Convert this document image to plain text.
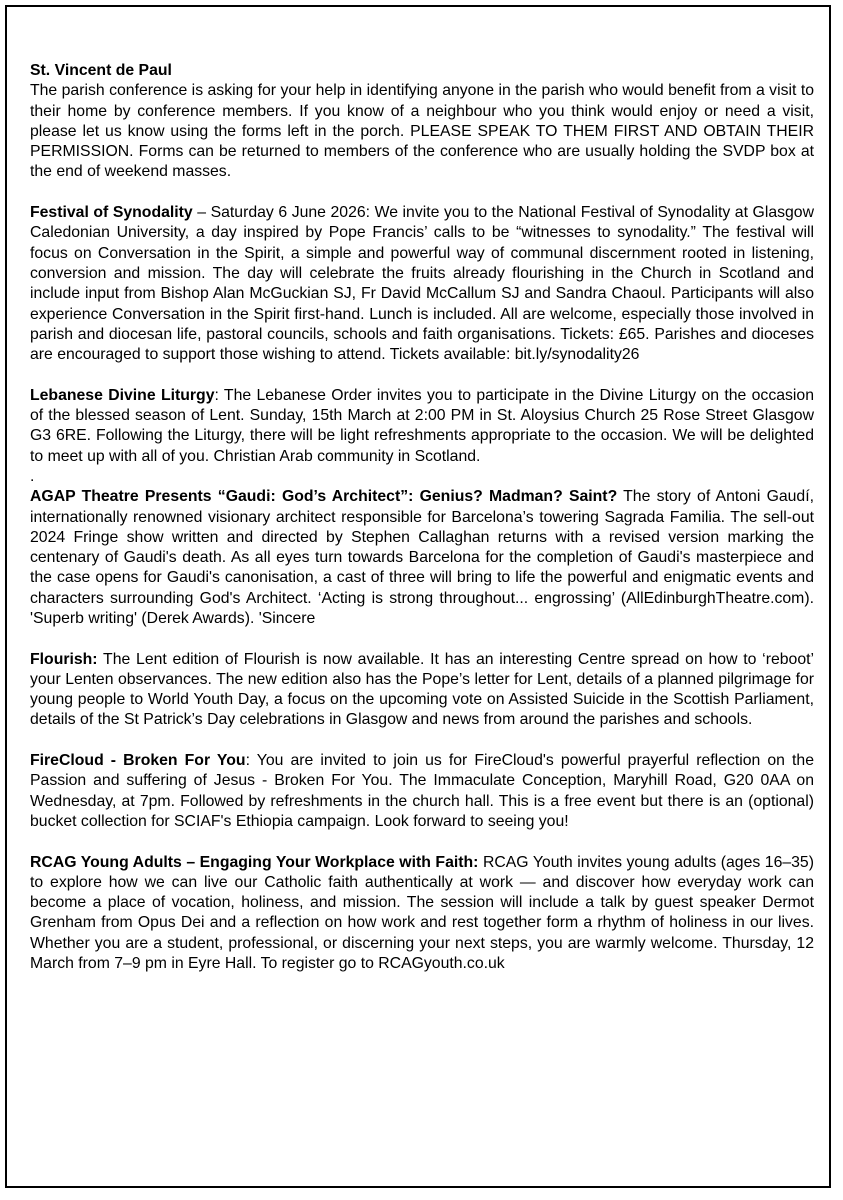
St. Vincent de Paul
The parish conference is asking for your help in identifying anyone in the parish who would benefit from a visit to their home by conference members. If you know of a neighbour who you think would enjoy or need a visit, please let us know using the forms left in the porch. PLEASE SPEAK TO THEM FIRST AND OBTAIN THEIR PERMISSION. Forms can be returned to members of the conference who are usually holding the SVDP box at the end of weekend masses.
Festival of Synodality – Saturday 6 June 2026: We invite you to the National Festival of Synodality at Glasgow Caledonian University, a day inspired by Pope Francis’ calls to be “witnesses to synodality.” The festival will focus on Conversation in the Spirit, a simple and powerful way of communal discernment rooted in listening, conversion and mission. The day will celebrate the fruits already flourishing in the Church in Scotland and include input from Bishop Alan McGuckian SJ, Fr David McCallum SJ and Sandra Chaoul. Participants will also experience Conversation in the Spirit first-hand. Lunch is included. All are welcome, especially those involved in parish and diocesan life, pastoral councils, schools and faith organisations. Tickets: £65. Parishes and dioceses are encouraged to support those wishing to attend. Tickets available: bit.ly/synodality26
Lebanese Divine Liturgy: The Lebanese Order invites you to participate in the Divine Liturgy on the occasion of the blessed season of Lent. Sunday, 15th March at 2:00 PM in St. Aloysius Church 25 Rose Street Glasgow G3 6RE. Following the Liturgy, there will be light refreshments appropriate to the occasion. We will be delighted to meet up with all of you. Christian Arab community in Scotland.
.
AGAP Theatre Presents “Gaudi: God’s Architect”: Genius? Madman? Saint? The story of Antoni Gaudí, internationally renowned visionary architect responsible for Barcelona’s towering Sagrada Familia. The sell-out 2024 Fringe show written and directed by Stephen Callaghan returns with a revised version marking the centenary of Gaudi's death. As all eyes turn towards Barcelona for the completion of Gaudi's masterpiece and the case opens for Gaudi's canonisation, a cast of three will bring to life the powerful and enigmatic events and characters surrounding God's Architect. ‘Acting is strong throughout... engrossing’ (AllEdinburghTheatre.com). 'Superb writing' (Derek Awards). 'Sincere
Flourish: The Lent edition of Flourish is now available. It has an interesting Centre spread on how to ‘reboot’ your Lenten observances. The new edition also has the Pope’s letter for Lent, details of a planned pilgrimage for young people to World Youth Day, a focus on the upcoming vote on Assisted Suicide in the Scottish Parliament, details of the St Patrick’s Day celebrations in Glasgow and news from around the parishes and schools.
FireCloud - Broken For You: You are invited to join us for FireCloud's powerful prayerful reflection on the Passion and suffering of Jesus - Broken For You. The Immaculate Conception, Maryhill Road, G20 0AA on Wednesday, at 7pm. Followed by refreshments in the church hall. This is a free event but there is an (optional) bucket collection for SCIAF's Ethiopia campaign. Look forward to seeing you!
RCAG Young Adults – Engaging Your Workplace with Faith: RCAG Youth invites young adults (ages 16–35) to explore how we can live our Catholic faith authentically at work — and discover how everyday work can become a place of vocation, holiness, and mission. The session will include a talk by guest speaker Dermot Grenham from Opus Dei and a reflection on how work and rest together form a rhythm of holiness in our lives. Whether you are a student, professional, or discerning your next steps, you are warmly welcome. Thursday, 12 March from 7–9 pm in Eyre Hall. To register go to RCAGyouth.co.uk
